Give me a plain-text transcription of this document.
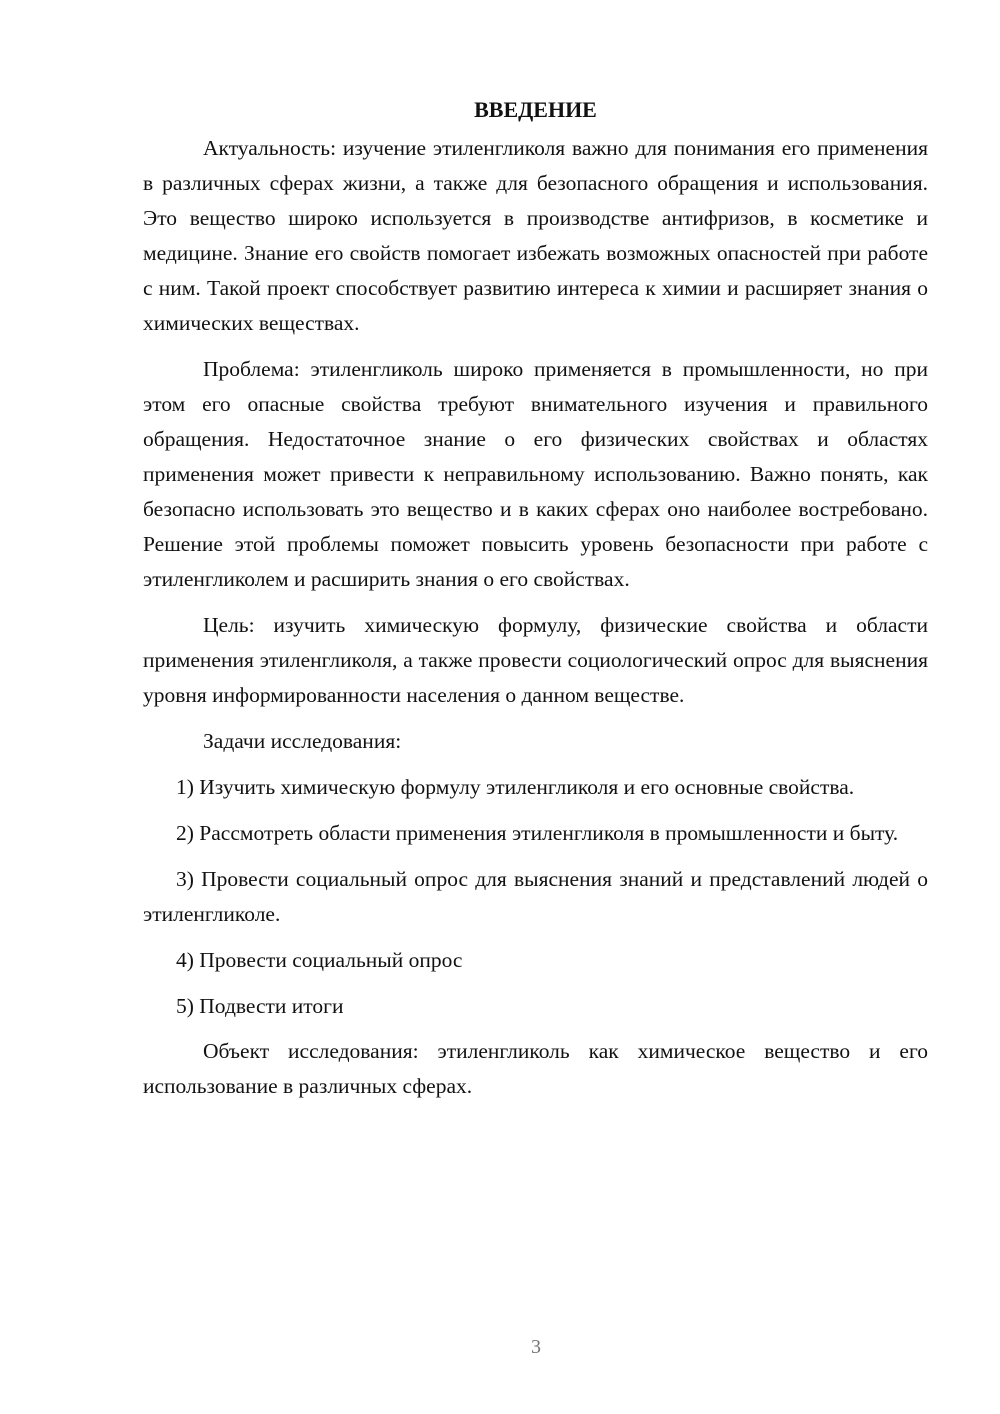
ВВЕДЕНИЕ

Актуальность: изучение этиленгликоля важно для понимания его применения в различных сферах жизни, а также для безопасного обращения и использования. Это вещество широко используется в производстве антифризов, в косметике и медицине. Знание его свойств помогает избежать возможных опасностей при работе с ним. Такой проект способствует развитию интереса к химии и расширяет знания о химических веществах.

Проблема: этиленгликоль широко применяется в промышленности, но при этом его опасные свойства требуют внимательного изучения и правильного обращения. Недостаточное знание о его физических свойствах и областях применения может привести к неправильному использованию. Важно понять, как безопасно использовать это вещество и в каких сферах оно наиболее востребовано. Решение этой проблемы поможет повысить уровень безопасности при работе с этиленгликолем и расширить знания о его свойствах.

Цель: изучить химическую формулу, физические свойства и области применения этиленгликоля, а также провести социологический опрос для выяснения уровня информированности населения о данном веществе.

Задачи исследования:

1) Изучить химическую формулу этиленгликоля и его основные свойства.

2) Рассмотреть области применения этиленгликоля в промышленности и быту.

3) Провести социальный опрос для выяснения знаний и представлений людей о этиленгликоле.

4) Провести социальный опрос

5) Подвести итоги

Объект исследования: этиленгликоль как химическое вещество и его использование в различных сферах.

3
